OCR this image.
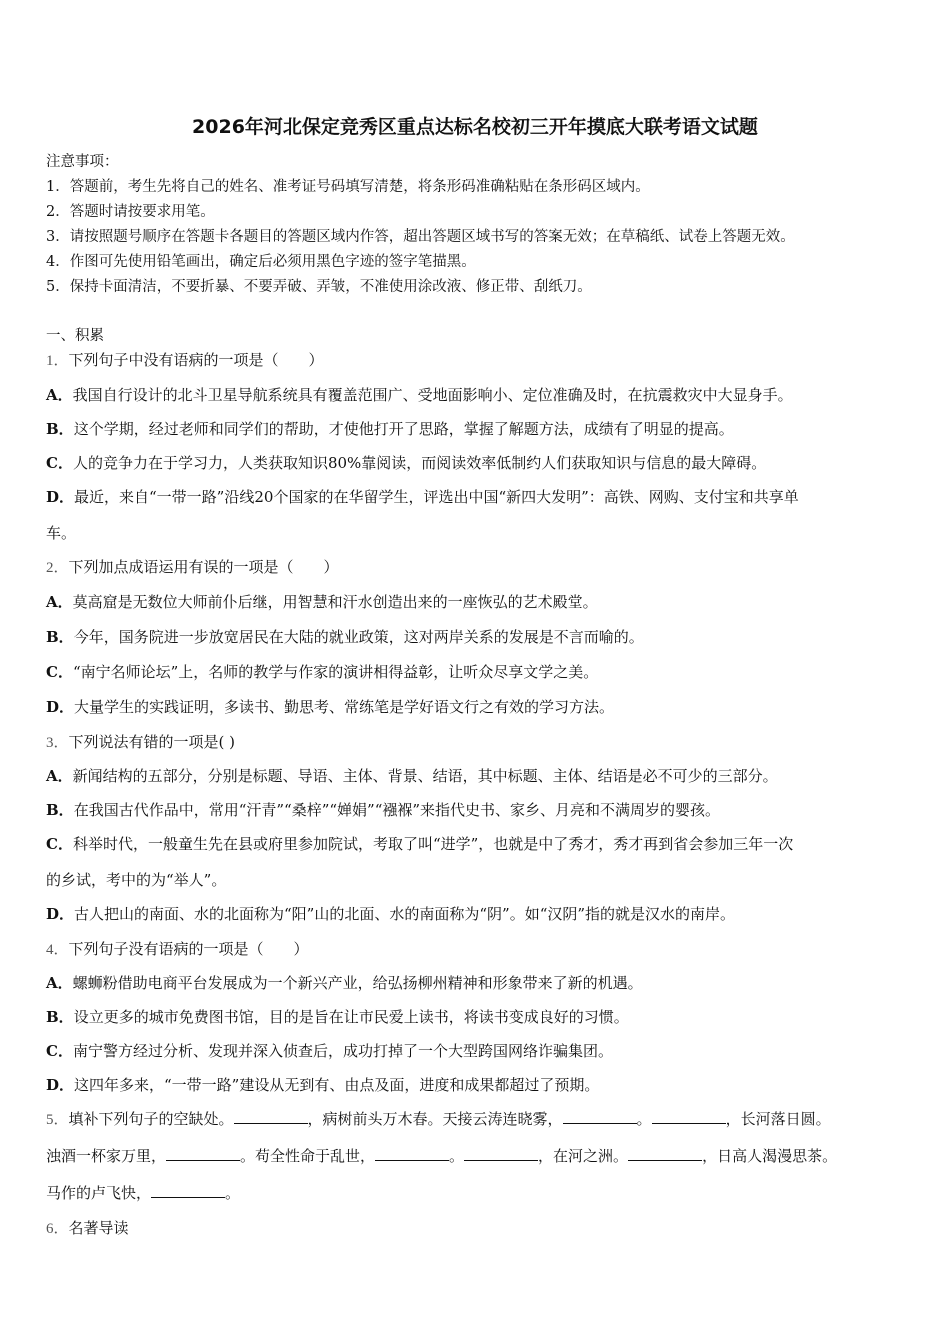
2026年河北保定竞秀区重点达标名校初三开年摸底大联考语文试题
注意事项：
1．答题前，考生先将自己的姓名、准考证号码填写清楚，将条形码准确粘贴在条形码区域内。
2．答题时请按要求用笔。
3．请按照题号顺序在答题卡各题目的答题区域内作答，超出答题区域书写的答案无效；在草稿纸、试卷上答题无效。
4．作图可先使用铅笔画出，确定后必须用黑色字迹的签字笔描黑。
5．保持卡面清洁，不要折暴、不要弄破、弄皱，不准使用涂改液、修正带、刮纸刀。
一、积累
1．下列句子中没有语病的一项是（　　）
A．我国自行设计的北斗卫星导航系统具有覆盖范围广、受地面影响小、定位准确及时，在抗震救灾中大显身手。
B．这个学期，经过老师和同学们的帮助，才使他打开了思路，掌握了解题方法，成绩有了明显的提高。
C．人的竞争力在于学习力，人类获取知识80%靠阅读，而阅读效率低制约人们获取知识与信息的最大障碍。
D．最近，来自“一带一路”沿线20个国家的在华留学生，评选出中国“新四大发明”：高铁、网购、支付宝和共享单
车。
2．下列加点成语运用有误的一项是（　　）
A．莫高窟是无数位大师前仆后继，用智慧和汗水创造出来的一座恢弘的艺术殿堂。
B．今年，国务院进一步放宽居民在大陆的就业政策，这对两岸关系的发展是不言而喻的。
C．“南宁名师论坛”上，名师的教学与作家的演讲相得益彰，让听众尽享文学之美。
D．大量学生的实践证明，多读书、勤思考、常练笔是学好语文行之有效的学习方法。
3．下列说法有错的一项是( )
A．新闻结构的五部分，分别是标题、导语、主体、背景、结语，其中标题、主体、结语是必不可少的三部分。
B．在我国古代作品中，常用“汗青”“桑梓”“婵娟”“襁褓”来指代史书、家乡、月亮和不满周岁的婴孩。
C．科举时代，一般童生先在县或府里参加院试，考取了叫“进学”，也就是中了秀才，秀才再到省会参加三年一次
的乡试，考中的为“举人”。
D．古人把山的南面、水的北面称为“阳”山的北面、水的南面称为“阴”。如“汉阴”指的就是汉水的南岸。
4．下列句子没有语病的一项是（　　）
A．螺蛳粉借助电商平台发展成为一个新兴产业，给弘扬柳州精神和形象带来了新的机遇。
B．设立更多的城市免费图书馆，目的是旨在让市民爱上读书，将读书变成良好的习惯。
C．南宁警方经过分析、发现并深入侦查后，成功打掉了一个大型跨国网络诈骗集团。
D．这四年多来，“一带一路”建设从无到有、由点及面，进度和成果都超过了预期。
5．填补下列句子的空缺处。	，病树前头万木春。天接云涛连晓雾，	。	，长河落日圆。
浊酒一杯家万里，	。苟全性命于乱世，	。	，在河之洲。	，日高人渴漫思茶。
马作的卢飞快，	。
6．名著导读
